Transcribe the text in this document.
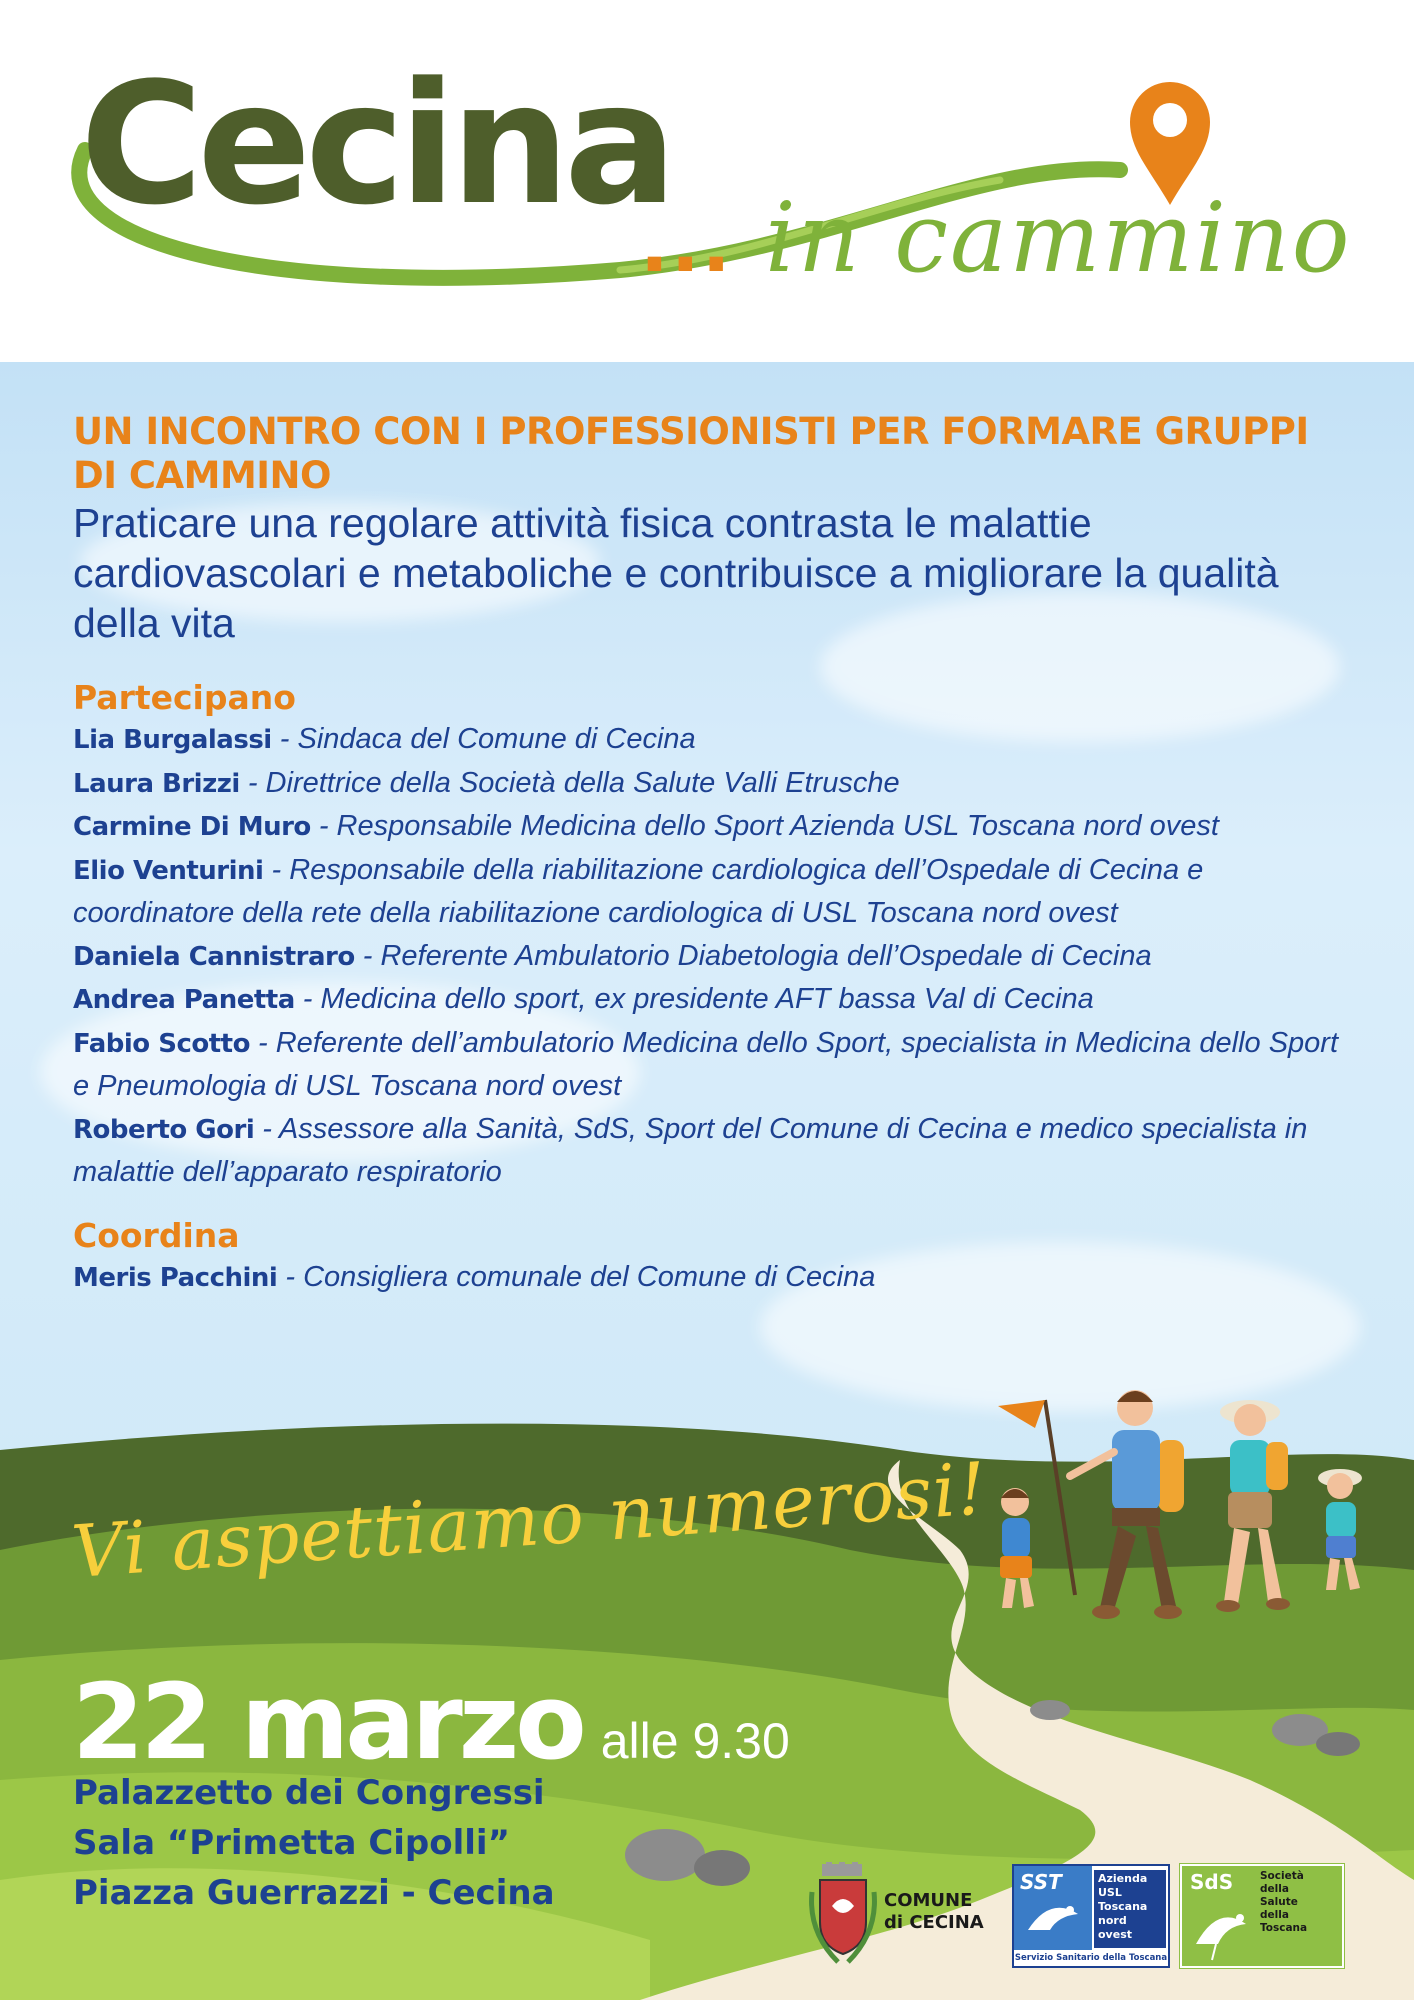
Cecina
... in cammino

UN INCONTRO CON I PROFESSIONISTI PER FORMARE GRUPPI DI CAMMINO

Praticare una regolare attività fisica contrasta le malattie cardiovascolari e metaboliche e contribuisce a migliorare la qualità della vita

Partecipano
Lia Burgalassi - Sindaca del Comune di Cecina
Laura Brizzi - Direttrice della Società della Salute Valli Etrusche
Carmine Di Muro - Responsabile Medicina dello Sport Azienda USL Toscana nord ovest
Elio Venturini - Responsabile della riabilitazione cardiologica dell’Ospedale di Cecina e coordinatore della rete della riabilitazione cardiologica di USL Toscana nord ovest
Daniela Cannistraro - Referente Ambulatorio Diabetologia dell’Ospedale di Cecina
Andrea Panetta - Medicina dello sport, ex presidente AFT bassa Val di Cecina
Fabio Scotto - Referente dell’ambulatorio Medicina dello Sport, specialista in Medicina dello Sport e Pneumologia di USL Toscana nord ovest
Roberto Gori - Assessore alla Sanità, SdS, Sport del Comune di Cecina e medico specialista in malattie dell’apparato respiratorio
Coordina
Meris Pacchini - Consigliera comunale del Comune di Cecina
Vi aspettiamo numerosi!
22 marzo alle 9.30
Palazzetto dei Congressi
Sala “Primetta Cipolli”
Piazza Guerrazzi - Cecina	COMUNE
di CECINA
SST	Azienda
USL
Toscana
nord ovest
Servizio Sanitario della Toscana
SdS	Società
della
Salute
della
Toscana
